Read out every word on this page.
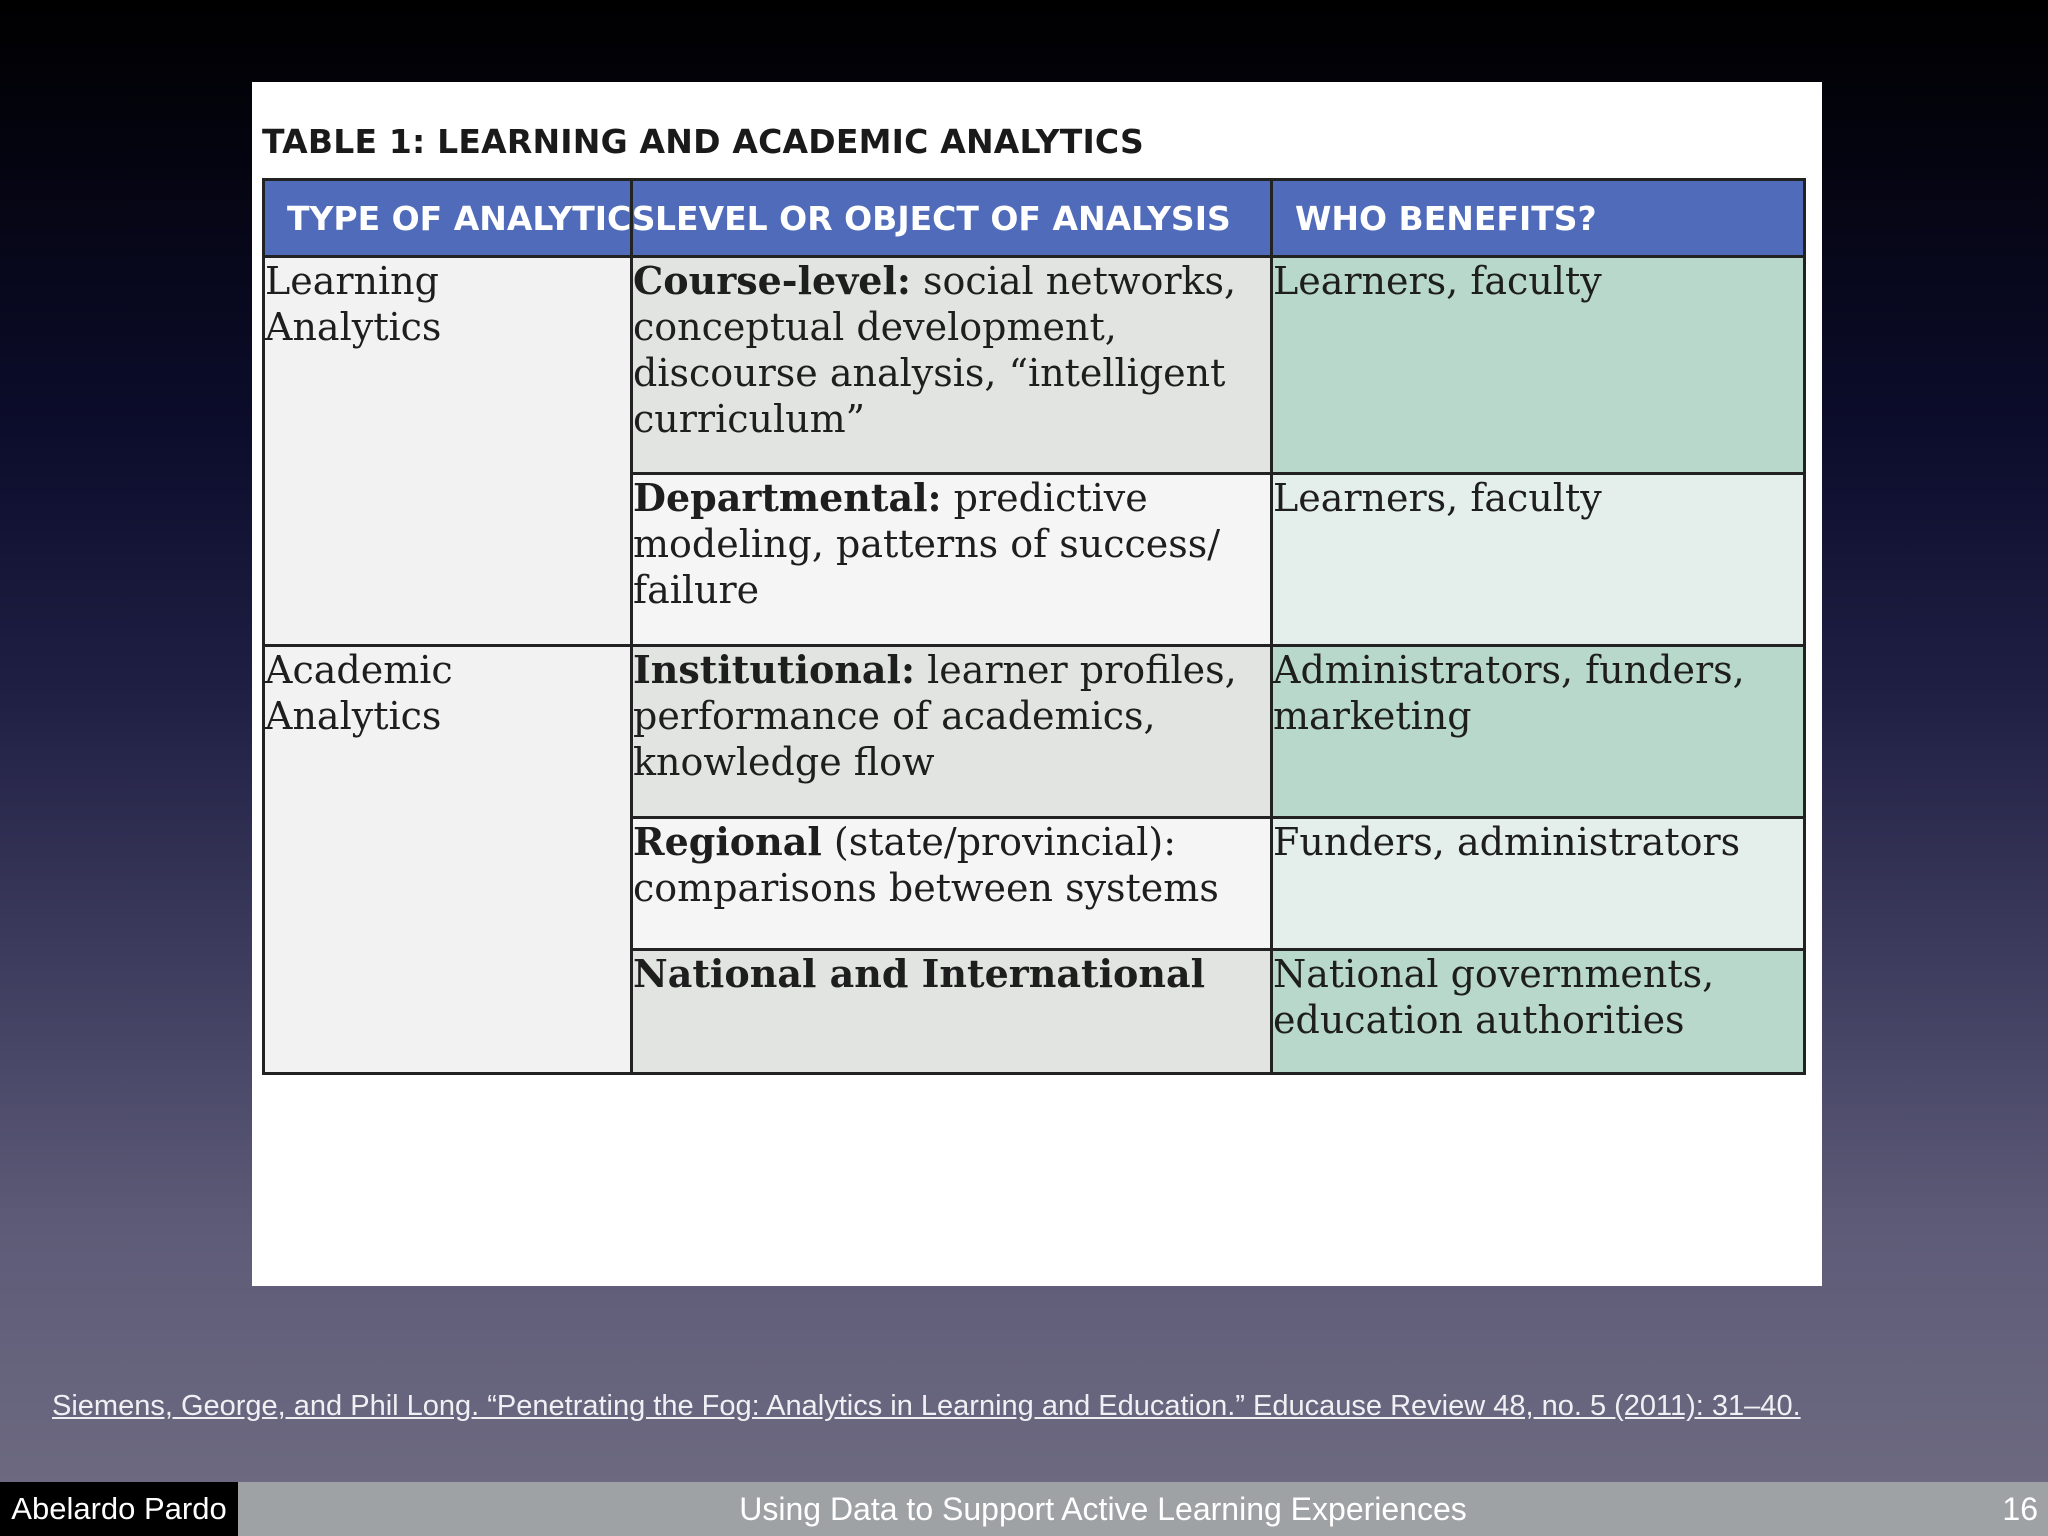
TABLE 1: LEARNING AND ACADEMIC ANALYTICS
TYPE OF ANALYTICS	LEVEL OR OBJECT OF ANALYSIS	WHO BENEFITS?

Learning
Analytics	Course-level: social networks, conceptual development, discourse analysis, “intelligent curriculum”	Learners, faculty
	Departmental: predictive modeling, patterns of success/ failure	Learners, faculty

Academic
Analytics	Institutional: learner profiles, performance of academics, knowledge flow	Administrators, funders, marketing
	Regional (state/provincial): comparisons between systems	Funders, administrators
	National and International	National governments, education authorities
Siemens, George, and Phil Long. “Penetrating the Fog: Analytics in Learning and Education.” Educause Review 48, no. 5 (2011): 31–40.
Abelardo Pardo	Using Data to Support Active Learning Experiences	16
